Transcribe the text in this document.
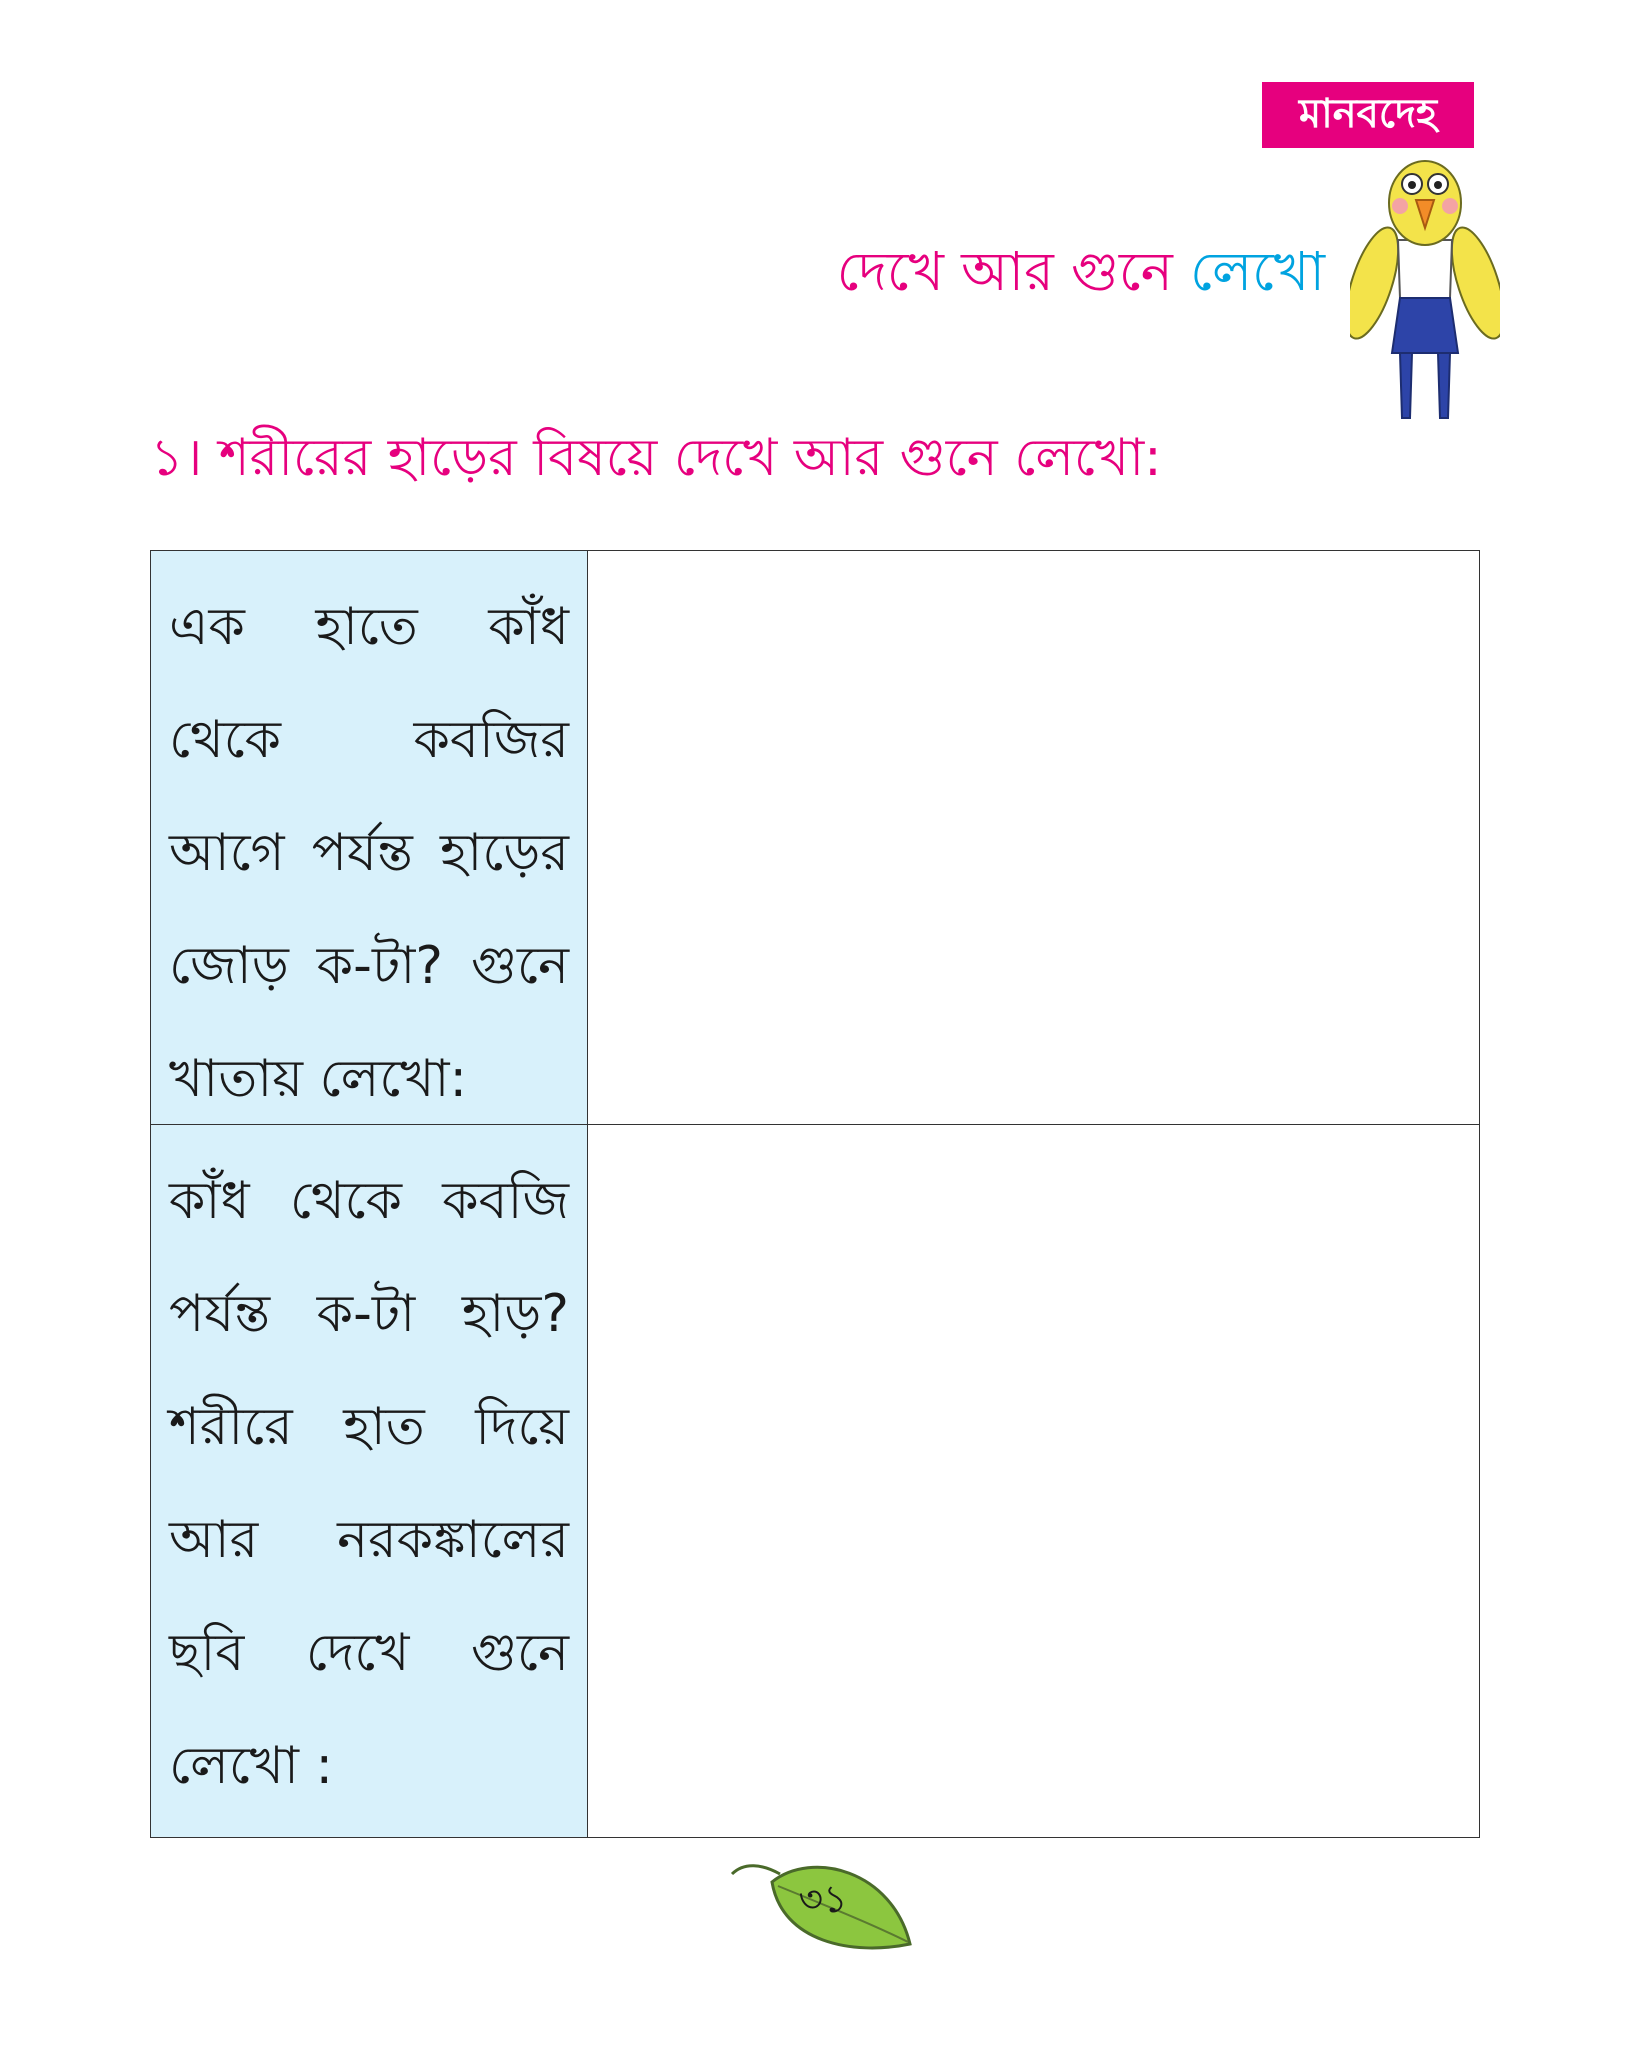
মানবদেহ
দেখে আর গুনে লেখো
১। শরীরের হাড়ের বিষয়ে দেখে আর গুনে লেখো:
এক হাতে কাঁধ থেকে কবজির আগে পর্যন্ত হাড়ের জোড় ক-টা? গুনে খাতায় লেখো:
কাঁধ থেকে কবজি পর্যন্ত ক-টা হাড়? শরীরে হাত দিয়ে আর নরকঙ্কালের ছবি দেখে গুনে লেখো :
৩১
